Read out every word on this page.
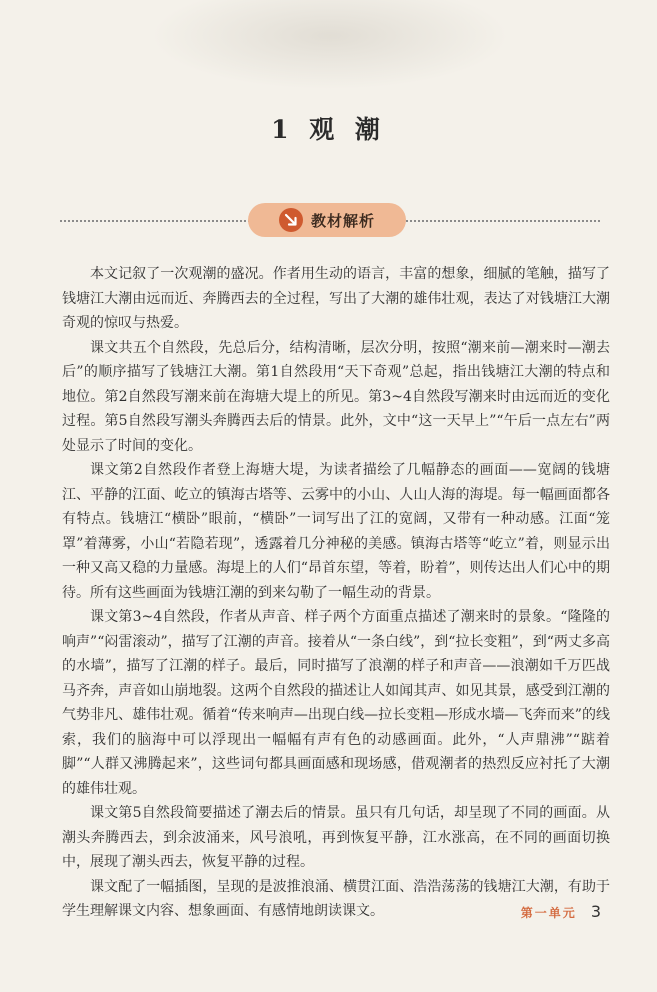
1 观 潮
教材解析

本文记叙了一次观潮的盛况。作者用生动的语言，丰富的想象，细腻的笔触，描写了钱塘江大潮由远而近、奔腾西去的全过程，写出了大潮的雄伟壮观，表达了对钱塘江大潮奇观的惊叹与热爱。

课文共五个自然段，先总后分，结构清晰，层次分明，按照“潮来前—潮来时—潮去后”的顺序描写了钱塘江大潮。第1自然段用“天下奇观”总起，指出钱塘江大潮的特点和地位。第2自然段写潮来前在海塘大堤上的所见。第3~4自然段写潮来时由远而近的变化过程。第5自然段写潮头奔腾西去后的情景。此外，文中“这一天早上”“午后一点左右”两处显示了时间的变化。

课文第2自然段作者登上海塘大堤，为读者描绘了几幅静态的画面——宽阔的钱塘江、平静的江面、屹立的镇海古塔等、云雾中的小山、人山人海的海堤。每一幅画面都各有特点。钱塘江“横卧”眼前，“横卧”一词写出了江的宽阔，又带有一种动感。江面“笼罩”着薄雾，小山“若隐若现”，透露着几分神秘的美感。镇海古塔等“屹立”着，则显示出一种又高又稳的力量感。海堤上的人们“昂首东望，等着，盼着”，则传达出人们心中的期待。所有这些画面为钱塘江潮的到来勾勒了一幅生动的背景。

课文第3~4自然段，作者从声音、样子两个方面重点描述了潮来时的景象。“隆隆的响声”“闷雷滚动”，描写了江潮的声音。接着从“一条白线”，到“拉长变粗”，到“两丈多高的水墙”，描写了江潮的样子。最后，同时描写了浪潮的样子和声音——浪潮如千万匹战马齐奔，声音如山崩地裂。这两个自然段的描述让人如闻其声、如见其景，感受到江潮的气势非凡、雄伟壮观。循着“传来响声—出现白线—拉长变粗—形成水墙—飞奔而来”的线索，我们的脑海中可以浮现出一幅幅有声有色的动感画面。此外，“人声鼎沸”“踮着脚”“人群又沸腾起来”，这些词句都具画面感和现场感，借观潮者的热烈反应衬托了大潮的雄伟壮观。

课文第5自然段简要描述了潮去后的情景。虽只有几句话，却呈现了不同的画面。从潮头奔腾西去，到余波涌来，风号浪吼，再到恢复平静，江水涨高，在不同的画面切换中，展现了潮头西去，恢复平静的过程。

课文配了一幅插图，呈现的是波推浪涌、横贯江面、浩浩荡荡的钱塘江大潮，有助于学生理解课文内容、想象画面、有感情地朗读课文。	第一单元 3
